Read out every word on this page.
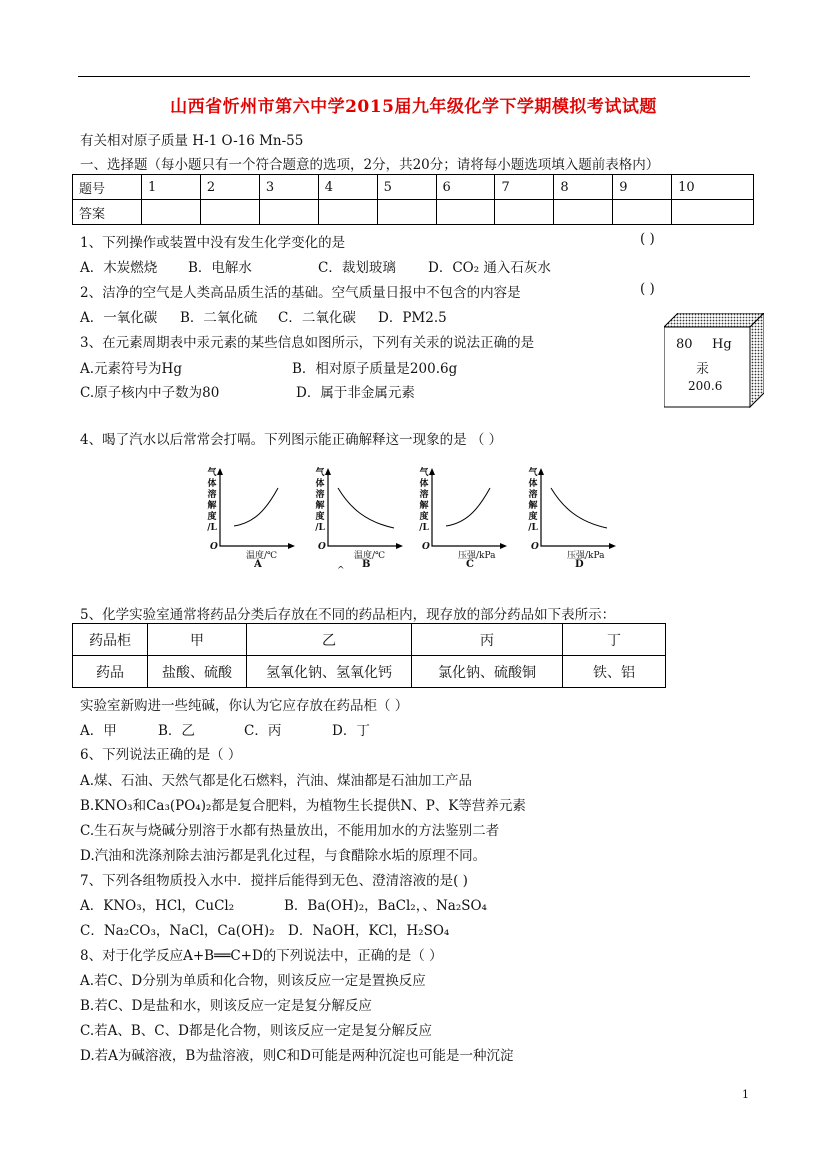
山西省忻州市第六中学2015届九年级化学下学期模拟考试试题
有关相对原子质量 H-1 O-16 Mn-55
一、选择题（每小题只有一个符合题意的选项，2分，共20分；请将每小题选项填入题前表格内）
题号	1	2	3	4	5	6	7	8	9	10
答案										
1、下列操作或装置中没有发生化学变化的是	( )
A．木炭燃烧 B．电解水	C．裁划玻璃 D．CO₂ 通入石灰水
2、洁净的空气是人类高品质生活的基础。空气质量日报中不包含的内容是	( )
A．一氧化碳 B．二氧化硫 C．二氧化碳 D．PM2.5
3、在元素周期表中汞元素的某些信息如图所示，下列有关汞的说法正确的是
A.元素符号为Hg	B．相对原子质量是200.6g
C.原子核内中子数为80	D．属于非金属元素
80 Hg
汞
200.6
4、喝了汽水以后常常会打嗝。下列图示能正确解释这一现象的是 （ ）
气
体
溶
解
度
/L
O
温度/℃
A
气
体
溶
解
度
/L
O
温度/℃
B
气
体
溶
解
度
/L
O
压强/kPa
C
气
体
溶
解
度
/L
O
压强/kPa
D
^
5、化学实验室通常将药品分类后存放在不同的药品柜内，现存放的部分药品如下表所示：
药品柜	甲	乙	丙	丁
药品	盐酸、硫酸	氢氧化钠、氢氧化钙	氯化钠、硫酸铜	铁、铝
实验室新购进一些纯碱，你认为它应存放在药品柜（ ）
A．甲	B．乙	C．丙	D．丁
6、下列说法正确的是（ ）
A.煤、石油、天然气都是化石燃料，汽油、煤油都是石油加工产品
B.KNO₃和Ca₃(PO₄)₂都是复合肥料，为植物生长提供N、P、K等营养元素
C.生石灰与烧碱分别溶于水都有热量放出，不能用加水的方法鉴别二者
D.汽油和洗涤剂除去油污都是乳化过程，与食醋除水垢的原理不同。
7、下列各组物质投入水中．搅拌后能得到无色、澄清溶液的是( )
A．KNO₃，HCl，CuCl₂	B．Ba(OH)₂，BaCl₂，、Na₂SO₄
C．Na₂CO₃，NaCl，Ca(OH)₂ D．NaOH，KCl，H₂SO₄
8、对于化学反应A+B══C+D的下列说法中，正确的是（ ）
A.若C、D分别为单质和化合物，则该反应一定是置换反应
B.若C、D是盐和水，则该反应一定是复分解反应
C.若A、B、C、D都是化合物，则该反应一定是复分解反应
D.若A为碱溶液，B为盐溶液，则C和D可能是两种沉淀也可能是一种沉淀
1
